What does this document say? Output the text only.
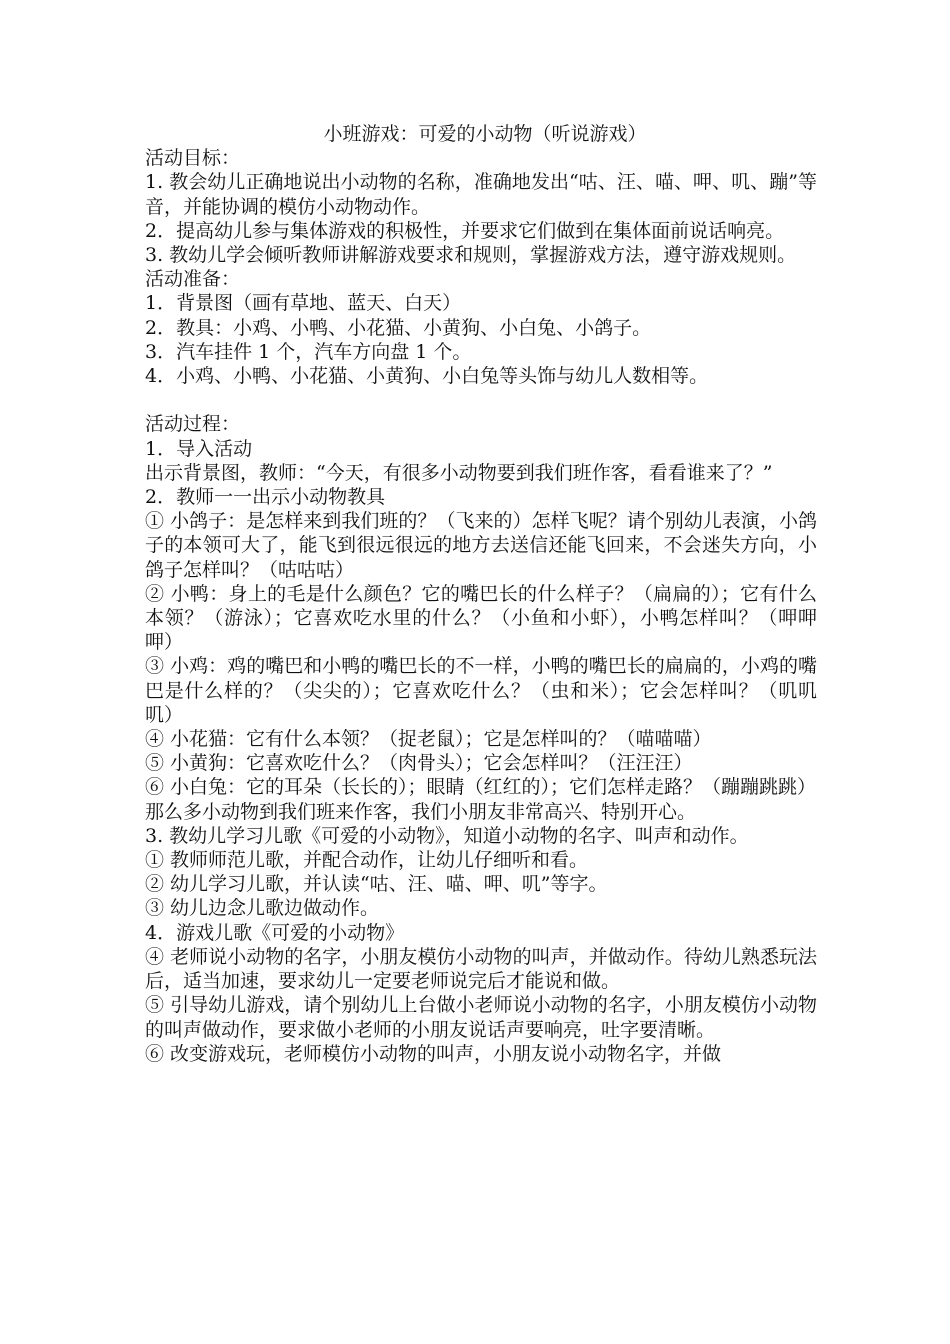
小班游戏：可爱的小动物（听说游戏）

活动目标：

1. 教会幼儿正确地说出小动物的名称，准确地发出“咕、汪、喵、呷、叽、蹦”等音，并能协调的模仿小动物动作。

2．提高幼儿参与集体游戏的积极性，并要求它们做到在集体面前说话响亮。

3. 教幼儿学会倾听教师讲解游戏要求和规则，掌握游戏方法，遵守游戏规则。

活动准备：

1．背景图（画有草地、蓝天、白天）

2．教具：小鸡、小鸭、小花猫、小黄狗、小白兔、小鸽子。

3．汽车挂件 1 个，汽车方向盘 1 个。

4．小鸡、小鸭、小花猫、小黄狗、小白兔等头饰与幼儿人数相等。

活动过程：

1．导入活动

出示背景图，教师：“今天，有很多小动物要到我们班作客，看看谁来了？”

2．教师一一出示小动物教具

① 小鸽子：是怎样来到我们班的？（飞来的）怎样飞呢？请个别幼儿表演，小鸽子的本领可大了，能飞到很远很远的地方去送信还能飞回来，不会迷失方向，小鸽子怎样叫？（咕咕咕）

② 小鸭：身上的毛是什么颜色？它的嘴巴长的什么样子？（扁扁的）；它有什么本领？（游泳）；它喜欢吃水里的什么？（小鱼和小虾），小鸭怎样叫？（呷呷呷）

③ 小鸡：鸡的嘴巴和小鸭的嘴巴长的不一样，小鸭的嘴巴长的扁扁的，小鸡的嘴巴是什么样的？（尖尖的）；它喜欢吃什么？（虫和米）；它会怎样叫？（叽叽叽）

④ 小花猫：它有什么本领？（捉老鼠）；它是怎样叫的？（喵喵喵）

⑤ 小黄狗：它喜欢吃什么？（肉骨头）；它会怎样叫？（汪汪汪）

⑥ 小白兔：它的耳朵（长长的）；眼睛（红红的）；它们怎样走路？（蹦蹦跳跳）

那么多小动物到我们班来作客，我们小朋友非常高兴、特别开心。

3. 教幼儿学习儿歌《可爱的小动物》，知道小动物的名字、叫声和动作。

① 教师师范儿歌，并配合动作，让幼儿仔细听和看。

② 幼儿学习儿歌，并认读“咕、汪、喵、呷、叽”等字。

③ 幼儿边念儿歌边做动作。

4．游戏儿歌《可爱的小动物》

④ 老师说小动物的名字，小朋友模仿小动物的叫声，并做动作。待幼儿熟悉玩法后，适当加速，要求幼儿一定要老师说完后才能说和做。

⑤ 引导幼儿游戏，请个别幼儿上台做小老师说小动物的名字，小朋友模仿小动物的叫声做动作，要求做小老师的小朋友说话声要响亮，吐字要清晰。

⑥ 改变游戏玩，老师模仿小动物的叫声，小朋友说小动物名字，并做
